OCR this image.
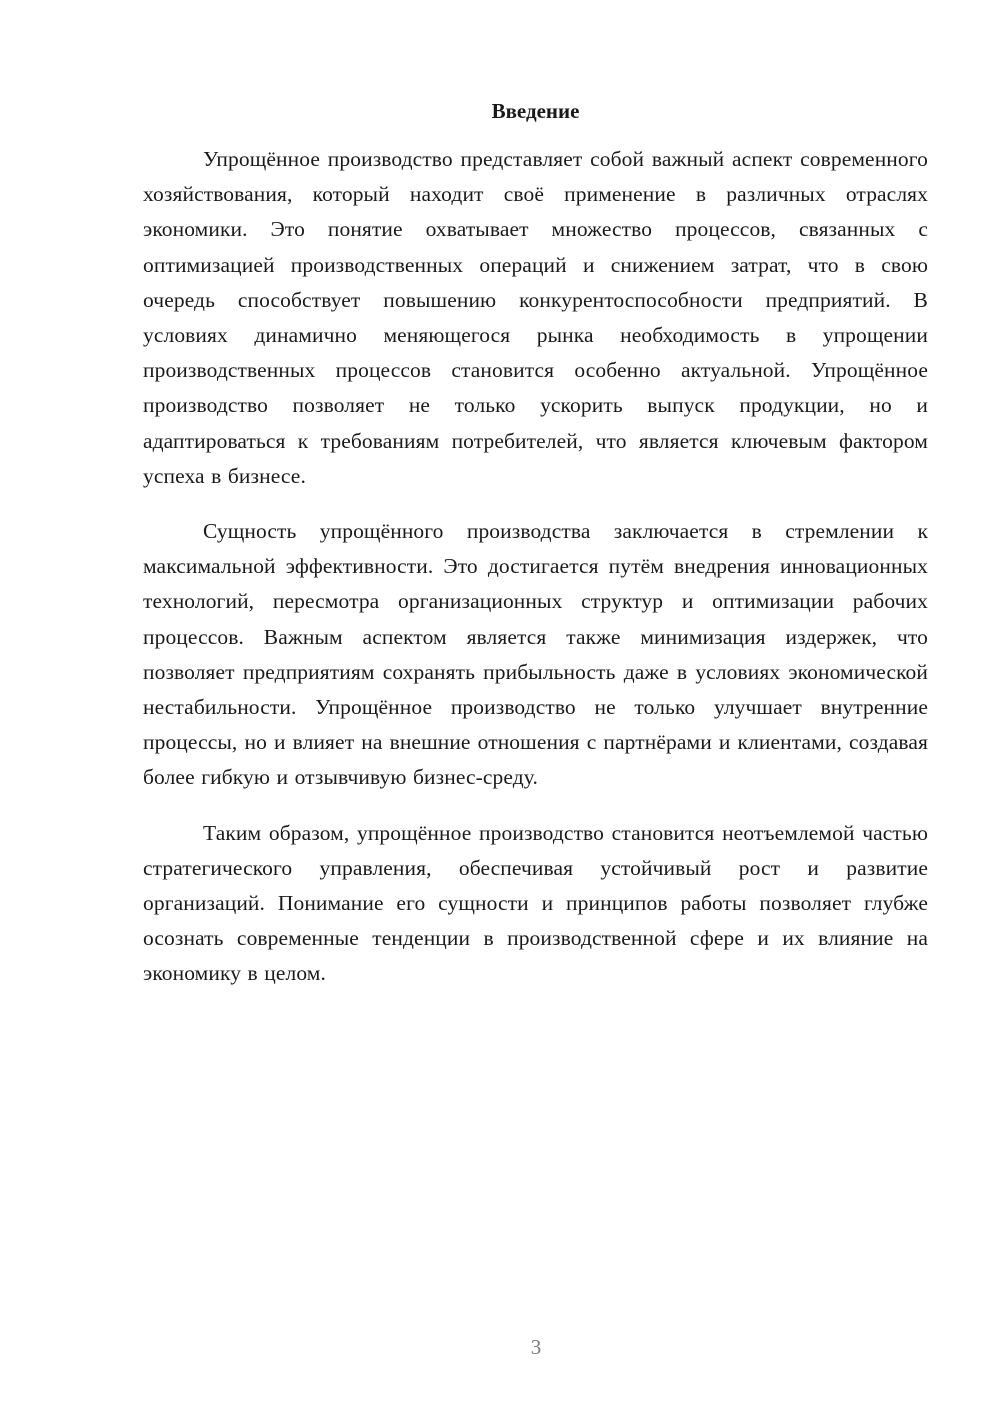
Введение

Упрощённое производство представляет собой важный аспект современного хозяйствования, который находит своё применение в различных отраслях экономики. Это понятие охватывает множество процессов, связанных с оптимизацией производственных операций и снижением затрат, что в свою очередь способствует повышению конкурентоспособности предприятий. В условиях динамично меняющегося рынка необходимость в упрощении производственных процессов становится особенно актуальной. Упрощённое производство позволяет не только ускорить выпуск продукции, но и адаптироваться к требованиям потребителей, что является ключевым фактором успеха в бизнесе.

Сущность упрощённого производства заключается в стремлении к максимальной эффективности. Это достигается путём внедрения инновационных технологий, пересмотра организационных структур и оптимизации рабочих процессов. Важным аспектом является также минимизация издержек, что позволяет предприятиям сохранять прибыльность даже в условиях экономической нестабильности. Упрощённое производство не только улучшает внутренние процессы, но и влияет на внешние отношения с партнёрами и клиентами, создавая более гибкую и отзывчивую бизнес-среду.

Таким образом, упрощённое производство становится неотъемлемой частью стратегического управления, обеспечивая устойчивый рост и развитие организаций. Понимание его сущности и принципов работы позволяет глубже осознать современные тенденции в производственной сфере и их влияние на экономику в целом.

3
